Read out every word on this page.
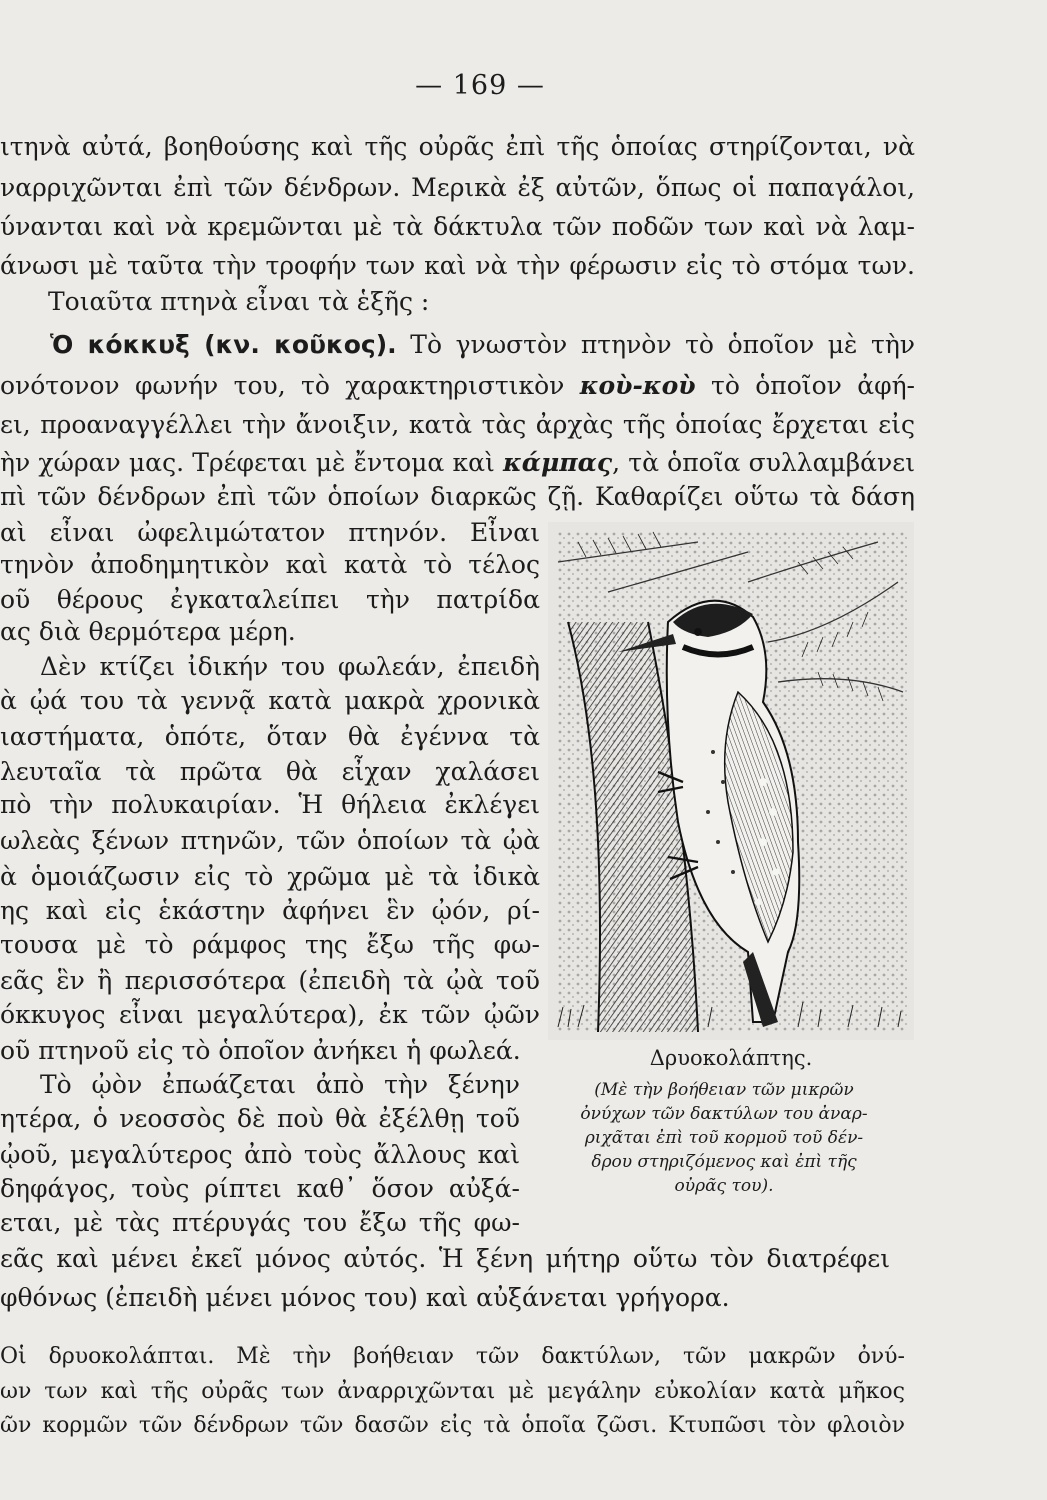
— 169 —
ιτηνὰ αὐτά, βοηθούσης καὶ τῆς οὐρᾶς ἐπὶ τῆς ὁποίας στηρίζονται, νὰ
ναρριχῶνται ἐπὶ τῶν δένδρων. Μερικὰ ἐξ αὐτῶν, ὅπως οἱ παπαγάλοι,
ύνανται καὶ νὰ κρεμῶνται μὲ τὰ δάκτυλα τῶν ποδῶν των καὶ νὰ λαμ-
άνωσι μὲ ταῦτα τὴν τροφήν των καὶ νὰ τὴν φέρωσιν εἰς τὸ στόμα των.
Τοιαῦτα πτηνὰ εἶναι τὰ ἑξῆς :
Ὁ κόκκυξ (κν. κοῦκος). Τὸ γνωστὸν πτηνὸν τὸ ὁποῖον μὲ τὴν
ονότονον φωνήν του, τὸ χαρακτηριστικὸν κοὺ-κοὺ τὸ ὁποῖον ἀφή-
ει, προαναγγέλλει τὴν ἄνοιξιν, κατὰ τὰς ἀρχὰς τῆς ὁποίας ἔρχεται εἰς
ὴν χώραν μας. Τρέφεται μὲ ἔντομα καὶ κάμπας, τὰ ὁποῖα συλλαμβάνει
πὶ τῶν δένδρων ἐπὶ τῶν ὁποίων διαρκῶς ζῇ. Καθαρίζει οὕτω τὰ δάση
αὶ εἶναι ὠφελιμώτατον πτηνόν. Εἶναι
τηνὸν ἀποδημητικὸν καὶ κατὰ τὸ τέλος
οῦ θέρους ἐγκαταλείπει τὴν πατρίδα
ας διὰ θερμότερα μέρη.
Δὲν κτίζει ἰδικήν του φωλεάν, ἐπειδὴ
ὰ ᾠά του τὰ γεννᾷ κατὰ μακρὰ χρονικὰ
ιαστήματα, ὁπότε, ὅταν θὰ ἐγέννα τὰ
λευταῖα τὰ πρῶτα θὰ εἶχαν χαλάσει
πὸ τὴν πολυκαιρίαν. Ἡ θήλεια ἐκλέγει
ωλεὰς ξένων πτηνῶν, τῶν ὁποίων τὰ ᾠὰ
ὰ ὁμοιάζωσιν εἰς τὸ χρῶμα μὲ τὰ ἰδικὰ
ης καὶ εἰς ἑκάστην ἀφήνει ἓν ᾠόν, ρί-
τουσα μὲ τὸ ράμφος της ἔξω τῆς φω-
εᾶς ἓν ἢ περισσότερα (ἐπειδὴ τὰ ᾠὰ τοῦ
όκκυγος εἶναι μεγαλύτερα), ἐκ τῶν ᾠῶν
οῦ πτηνοῦ εἰς τὸ ὁποῖον ἀνήκει ἡ φωλεά.
Τὸ ᾠὸν ἐπωάζεται ἀπὸ τὴν ξένην
ητέρα, ὁ νεοσσὸς δὲ ποὺ θὰ ἐξέλθῃ τοῦ
ᾠοῦ, μεγαλύτερος ἀπὸ τοὺς ἄλλους καὶ
δηφάγος, τοὺς ρίπτει καθ᾽ ὅσον αὐξά-
εται, μὲ τὰς πτέρυγάς του ἔξω τῆς φω-
εᾶς καὶ μένει ἐκεῖ μόνος αὐτός. Ἡ ξένη μήτηρ οὕτω τὸν διατρέφει
φθόνως (ἐπειδὴ μένει μόνος του) καὶ αὐξάνεται γρήγορα.
Δρυοκολάπτης.
(Μὲ τὴν βοήθειαν τῶν μικρῶν
ὀνύχων τῶν δακτύλων του ἀναρ-
ριχᾶται ἐπὶ τοῦ κορμοῦ τοῦ δέν-
δρου στηριζόμενος καὶ ἐπὶ τῆς
οὐρᾶς του).
Οἱ δρυοκολάπται. Μὲ τὴν βοήθειαν τῶν δακτύλων, τῶν μακρῶν ὀνύ-
ων των καὶ τῆς οὐρᾶς των ἀναρριχῶνται μὲ μεγάλην εὐκολίαν κατὰ μῆκος
ῶν κορμῶν τῶν δένδρων τῶν δασῶν εἰς τὰ ὁποῖα ζῶσι. Κτυπῶσι τὸν φλοιὸν
